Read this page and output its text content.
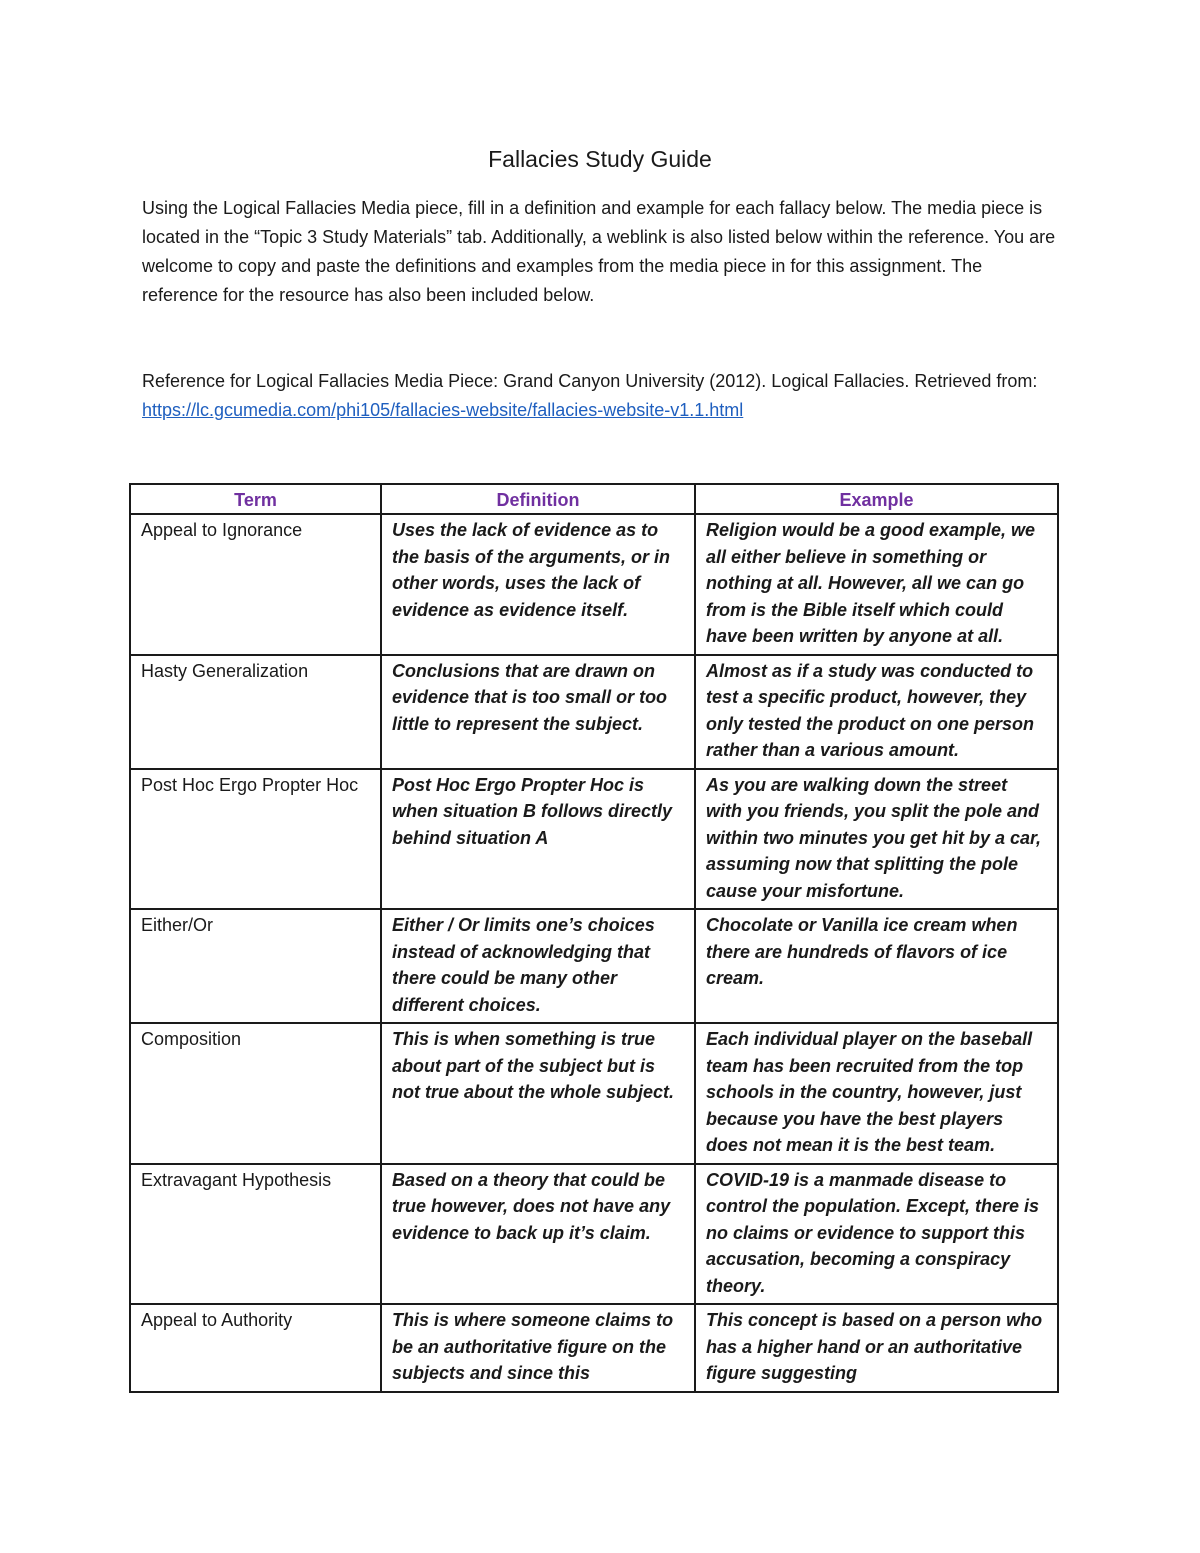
Fallacies Study Guide

Using the Logical Fallacies Media piece, fill in a definition and example for each fallacy below. The media piece is located in the “Topic 3 Study Materials” tab. Additionally, a weblink is also listed below within the reference. You are welcome to copy and paste the definitions and examples from the media piece in for this assignment. The reference for the resource has also been included below.

Reference for Logical Fallacies Media Piece: Grand Canyon University (2012). Logical Fallacies. Retrieved from: https://lc.gcumedia.com/phi105/fallacies-website/fallacies-website-v1.1.html

Term	Definition	Example
Appeal to Ignorance	Uses the lack of evidence as to the basis of the arguments, or in other words, uses the lack of evidence as evidence itself.	Religion would be a good example, we all either believe in something or nothing at all. However, all we can go from is the Bible itself which could have been written by anyone at all.
Hasty Generalization	Conclusions that are drawn on evidence that is too small or too little to represent the subject.	Almost as if a study was conducted to test a specific product, however, they only tested the product on one person rather than a various amount.
Post Hoc Ergo Propter Hoc	Post Hoc Ergo Propter Hoc is when situation B follows directly behind situation A	As you are walking down the street with you friends, you split the pole and within two minutes you get hit by a car, assuming now that splitting the pole cause your misfortune.
Either/Or	Either / Or limits one’s choices instead of acknowledging that there could be many other different choices.	Chocolate or Vanilla ice cream when there are hundreds of flavors of ice cream.
Composition	This is when something is true about part of the subject but is not true about the whole subject.	Each individual player on the baseball team has been recruited from the top schools in the country, however, just because you have the best players does not mean it is the best team.
Extravagant Hypothesis	Based on a theory that could be true however, does not have any evidence to back up it’s claim.	COVID-19 is a manmade disease to control the population. Except, there is no claims or evidence to support this accusation, becoming a conspiracy theory.
Appeal to Authority	This is where someone claims to be an authoritative figure on the subjects and since this	This concept is based on a person who has a higher hand or an authoritative figure suggesting
